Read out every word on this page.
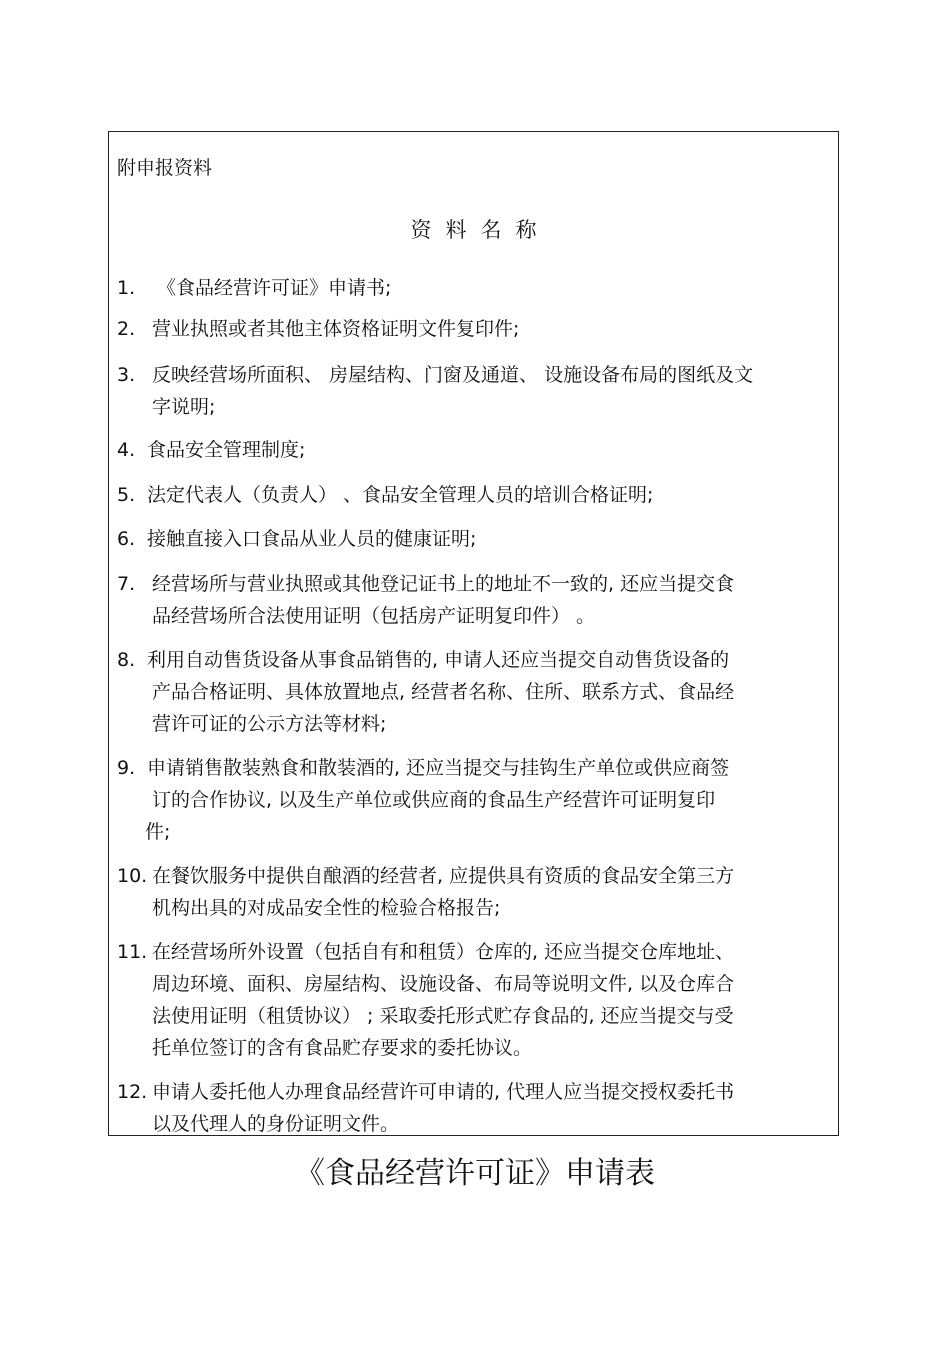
附申报资料
资料名称
1. 《食品经营许可证》申请书;
2. 营业执照或者其他主体资格证明文件复印件;
3. 反映经营场所面积、 房屋结构、门窗及通道、 设施设备布局的图纸及文
字说明;
4. 食品安全管理制度;
5. 法定代表人（负责人） 、食品安全管理人员的培训合格证明;
6. 接触直接入口食品从业人员的健康证明;
7. 经营场所与营业执照或其他登记证书上的地址不一致的, 还应当提交食
品经营场所合法使用证明（包括房产证明复印件） 。
8. 利用自动售货设备从事食品销售的, 申请人还应当提交自动售货设备的
产品合格证明、具体放置地点, 经营者名称、住所、联系方式、食品经
营许可证的公示方法等材料;
9. 申请销售散装熟食和散装酒的, 还应当提交与挂钩生产单位或供应商签
订的合作协议, 以及生产单位或供应商的食品生产经营许可证明复印
件;
10. 在餐饮服务中提供自酿酒的经营者, 应提供具有资质的食品安全第三方
机构出具的对成品安全性的检验合格报告;
11. 在经营场所外设置（包括自有和租赁）仓库的, 还应当提交仓库地址、
周边环境、面积、房屋结构、设施设备、布局等说明文件, 以及仓库合
法使用证明（租赁协议） ; 采取委托形式贮存食品的, 还应当提交与受
托单位签订的含有食品贮存要求的委托协议。
12. 申请人委托他人办理食品经营许可申请的, 代理人应当提交授权委托书
以及代理人的身份证明文件。
《食品经营许可证》申请表
